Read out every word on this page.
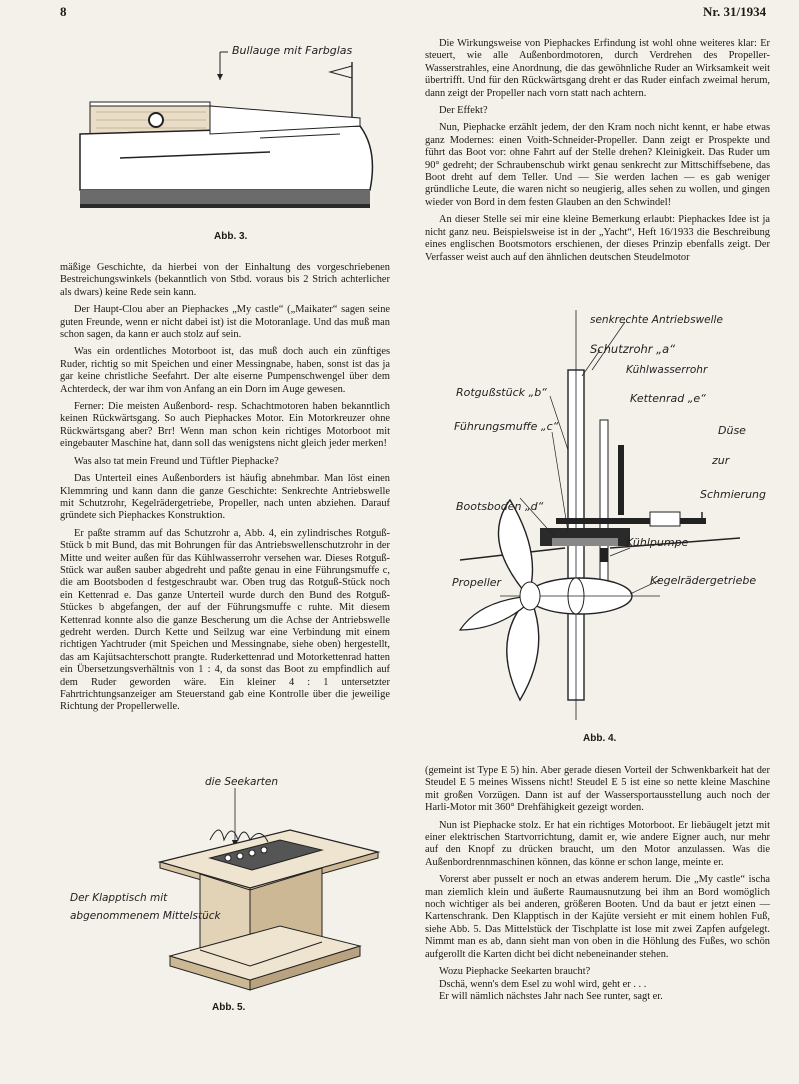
8	Nr. 31/1934
Bullauge mit Farbglas
Abb. 3.

mäßige Geschichte, da hierbei von der Einhaltung des vorgeschriebenen Bestreichungswinkels (bekanntlich von Stbd. voraus bis 2 Strich achterlicher als dwars) keine Rede sein kann.

Der Haupt-Clou aber an Piephackes „My castle“ („Maikater“ sagen seine guten Freunde, wenn er nicht dabei ist) ist die Motoranlage. Und das muß man schon sagen, da kann er auch stolz auf sein.

Was ein ordentliches Motorboot ist, das muß doch auch ein zünftiges Ruder, richtig so mit Speichen und einer Messingnabe, haben, sonst ist das ja gar keine christliche Seefahrt. Der alte eiserne Pumpenschwengel über dem Achterdeck, der war ihm von Anfang an ein Dorn im Auge gewesen.

Ferner: Die meisten Außenbord- resp. Schachtmotoren haben bekanntlich keinen Rückwärtsgang. So auch Piephackes Motor. Ein Motorkreuzer ohne Rückwärtsgang aber? Brr! Wenn man schon kein richtiges Motorboot mit eingebauter Maschine hat, dann soll das wenigstens nicht gleich jeder merken!

Was also tat mein Freund und Tüftler Piephacke?

Das Unterteil eines Außenborders ist häufig abnehmbar. Man löst einen Klemmring und kann dann die ganze Geschichte: Senkrechte Antriebswelle mit Schutzrohr, Kegelrädergetriebe, Propeller, nach unten abziehen. Darauf gründete sich Piephackes Konstruktion.

Er paßte stramm auf das Schutzrohr a, Abb. 4, ein zylindrisches Rotguß-Stück b mit Bund, das mit Bohrungen für das Antriebswellenschutzrohr in der Mitte und weiter außen für das Kühlwasserrohr versehen war. Dieses Rotguß-Stück war außen sauber abgedreht und paßte genau in eine Führungsmuffe c, die am Bootsboden d festgeschraubt war. Oben trug das Rotguß-Stück noch ein Kettenrad e. Das ganze Unterteil wurde durch den Bund des Rotguß-Stückes b abgefangen, der auf der Führungsmuffe c ruhte. Mit diesem Kettenrad konnte also die ganze Bescherung um die Achse der Antriebswelle gedreht werden. Durch Kette und Seilzug war eine Verbindung mit einem richtigen Yachtruder (mit Speichen und Messingnabe, siehe oben) hergestellt, das am Kajütsachterschott prangte. Ruderkettenrad und Motorkettenrad hatten ein Übersetzungsverhältnis von 1 : 4, da sonst das Boot zu empfindlich auf dem Ruder geworden wäre. Ein kleiner 4 : 1 untersetzter Fahrtrichtungsanzeiger am Steuerstand gab eine Kontrolle über die jeweilige Richtung der Propellerwelle.

Die Wirkungsweise von Piephackes Erfindung ist wohl ohne weiteres klar: Er steuert, wie alle Außenbordmotoren, durch Verdrehen des Propeller-Wasserstrahles, eine Anordnung, die das gewöhnliche Ruder an Wirksamkeit weit übertrifft. Und für den Rückwärtsgang dreht er das Ruder einfach zweimal herum, dann zeigt der Propeller nach vorn statt nach achtern.

Der Effekt?

Nun, Piephacke erzählt jedem, der den Kram noch nicht kennt, er habe etwas ganz Modernes: einen Voith-Schneider-Propeller. Dann zeigt er Prospekte und führt das Boot vor: ohne Fahrt auf der Stelle drehen? Kleinigkeit. Das Ruder um 90° gedreht; der Schraubenschub wirkt genau senkrecht zur Mittschiffsebene, das Boot dreht auf dem Teller. Und — Sie werden lachen — es gab weniger gründliche Leute, die waren nicht so neugierig, alles sehen zu wollen, und gingen wieder von Bord in dem festen Glauben an den Schwindel!

An dieser Stelle sei mir eine kleine Bemerkung erlaubt: Piephackes Idee ist ja nicht ganz neu. Beispielsweise ist in der „Yacht“, Heft 16/1933 die Beschreibung eines englischen Bootsmotors erschienen, der dieses Prinzip ebenfalls zeigt. Der Verfasser weist auch auf den ähnlichen deutschen Steudelmotor

senkrechte Antriebswelle
Schutzrohr „a“
Kühlwasserrohr
Rotgußstück „b“	Kettenrad „e“
Führungsmuffe „c“	Düse
zur
Schmierung
Bootsboden „d“
Kühlpumpe
Propeller	Kegelrädergetriebe
Abb. 4.

(gemeint ist Type E 5) hin. Aber gerade diesen Vorteil der Schwenkbarkeit hat der Steudel E 5 meines Wissens nicht! Steudel E 5 ist eine so nette kleine Maschine mit großen Vorzügen. Dann ist auf der Wassersportausstellung auch noch der Harli-Motor mit 360° Drehfähigkeit gezeigt worden.

Nun ist Piephacke stolz. Er hat ein richtiges Motorboot. Er liebäugelt jetzt mit einer elektrischen Startvorrichtung, damit er, wie andere Eigner auch, nur mehr auf den Knopf zu drücken braucht, um den Motor anzulassen. Was die Außenbordrennmaschinen können, das könne er schon lange, meinte er.

Vorerst aber pusselt er noch an etwas anderem herum. Die „My castle“ ischa man ziemlich klein und äußerte Raumausnutzung bei ihm an Bord womöglich noch wichtiger als bei anderen, größeren Booten. Und da baut er jetzt einen — Kartenschrank. Den Klapptisch in der Kajüte versieht er mit einem hohlen Fuß, siehe Abb. 5. Das Mittelstück der Tischplatte ist lose mit zwei Zapfen aufgelegt. Nimmt man es ab, dann sieht man von oben in die Höhlung des Fußes, wo schön aufgerollt die Karten dicht bei dicht nebeneinander stehen.

Wozu Piephacke Seekarten braucht?

Dschä, wenn's dem Esel zu wohl wird, geht er . . .

Er will nämlich nächstes Jahr nach See runter, sagt er.

die Seekarten
Der Klapptisch mit
abgenommenem Mittelstück
Abb. 5.
